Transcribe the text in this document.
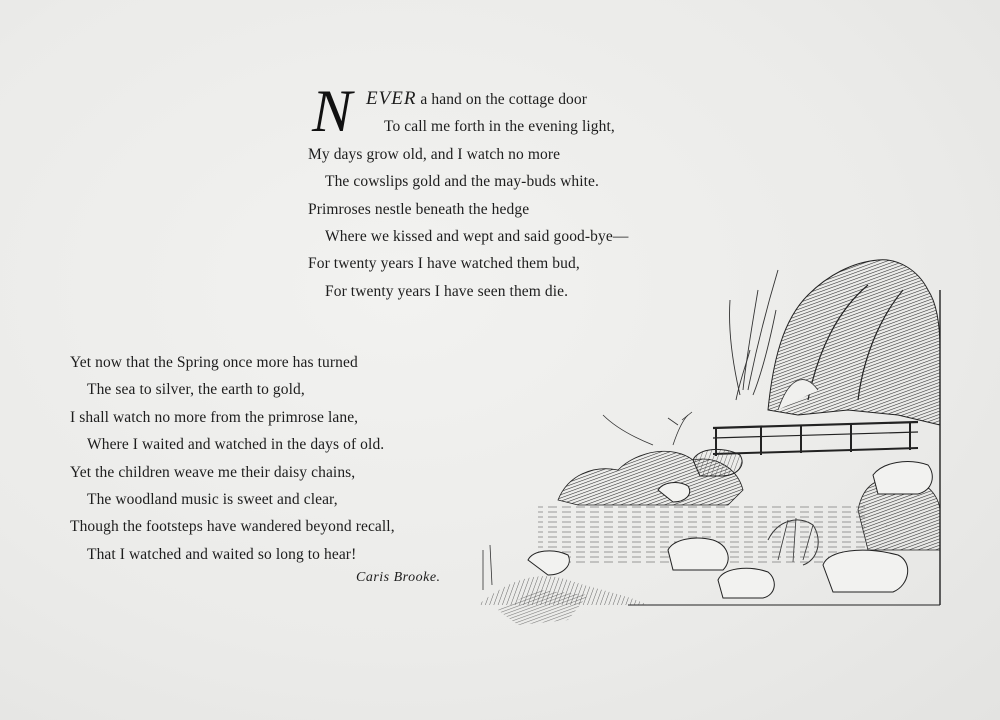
N EVER a hand on the cottage door
To call me forth in the evening light,
My days grow old, and I watch no more
The cowslips gold and the may-buds white.
Primroses nestle beneath the hedge
Where we kissed and wept and said good-bye—
For twenty years I have watched them bud,
For twenty years I have seen them die.
Yet now that the Spring once more has turned
The sea to silver, the earth to gold,
I shall watch no more from the primrose lane,
Where I waited and watched in the days of old.
Yet the children weave me their daisy chains,
The woodland music is sweet and clear,
Though the footsteps have wandered beyond recall,
That I watched and waited so long to hear!
Caris Brooke.
